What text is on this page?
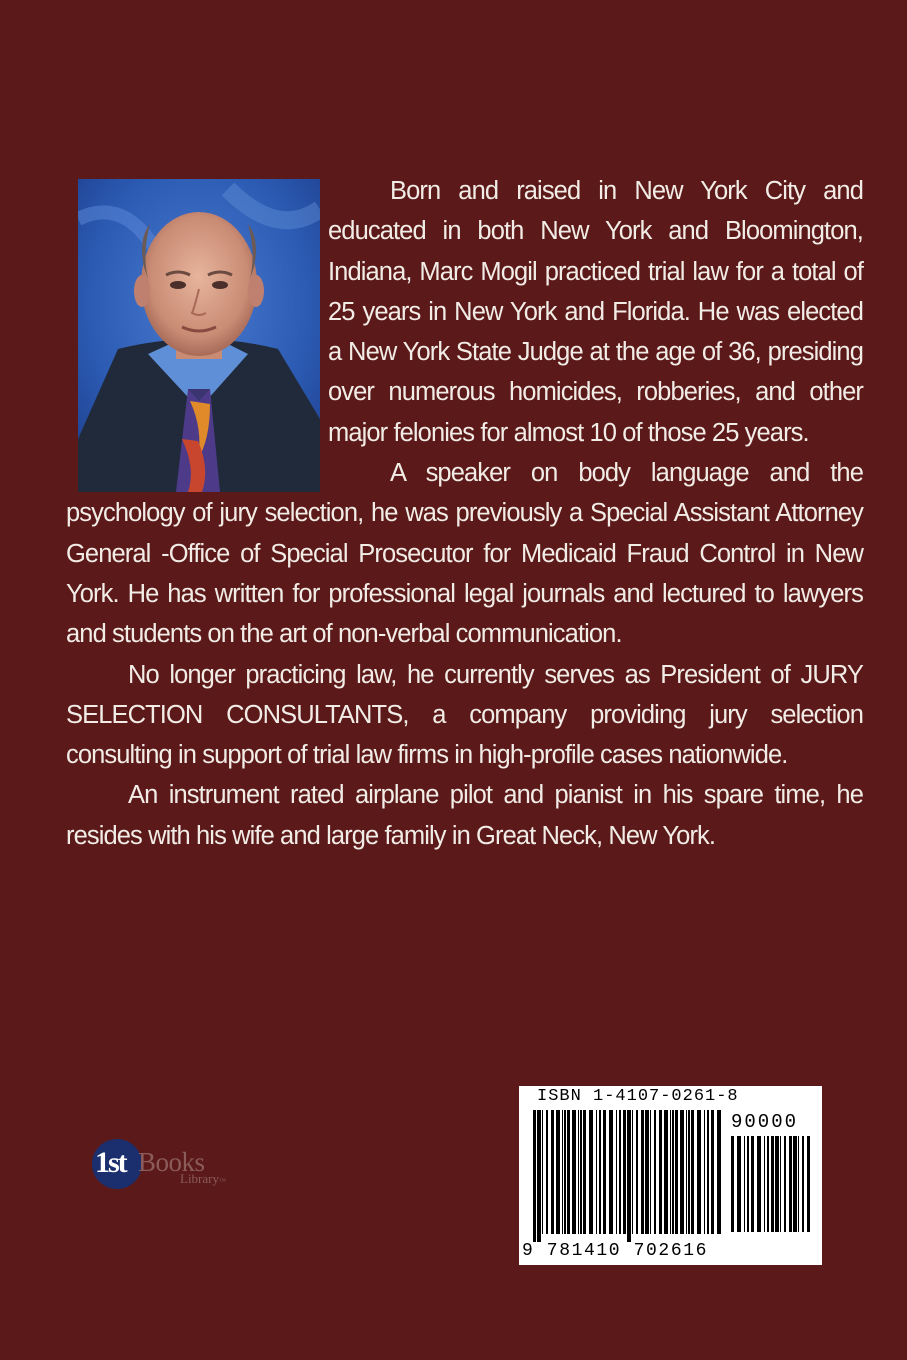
Born and raised in New York City and educated in both New York and Bloomington, Indiana, Marc Mogil practiced trial law for a total of 25 years in New York and Florida. He was elected a New York State Judge at the age of 36, presiding over numerous homicides, robberies, and other major felonies for almost 10 of those 25 years.

A speaker on body language and the psychology of jury selection, he was previously a Special Assistant Attorney General -Office of Special Prosecutor for Medicaid Fraud Control in New York. He has written for professional legal journals and lectured to lawyers and students on the art of non-verbal communication.

No longer practicing law, he currently serves as President of JURY SELECTION CONSULTANTS, a company providing jury selection consulting in support of trial law firms in high-profile cases nationwide.

An instrument rated airplane pilot and pianist in his spare time, he resides with his wife and large family in Great Neck, New York.

1st Books
Library™
ISBN 1-4107-0261-8
90000
9 781410 702616
